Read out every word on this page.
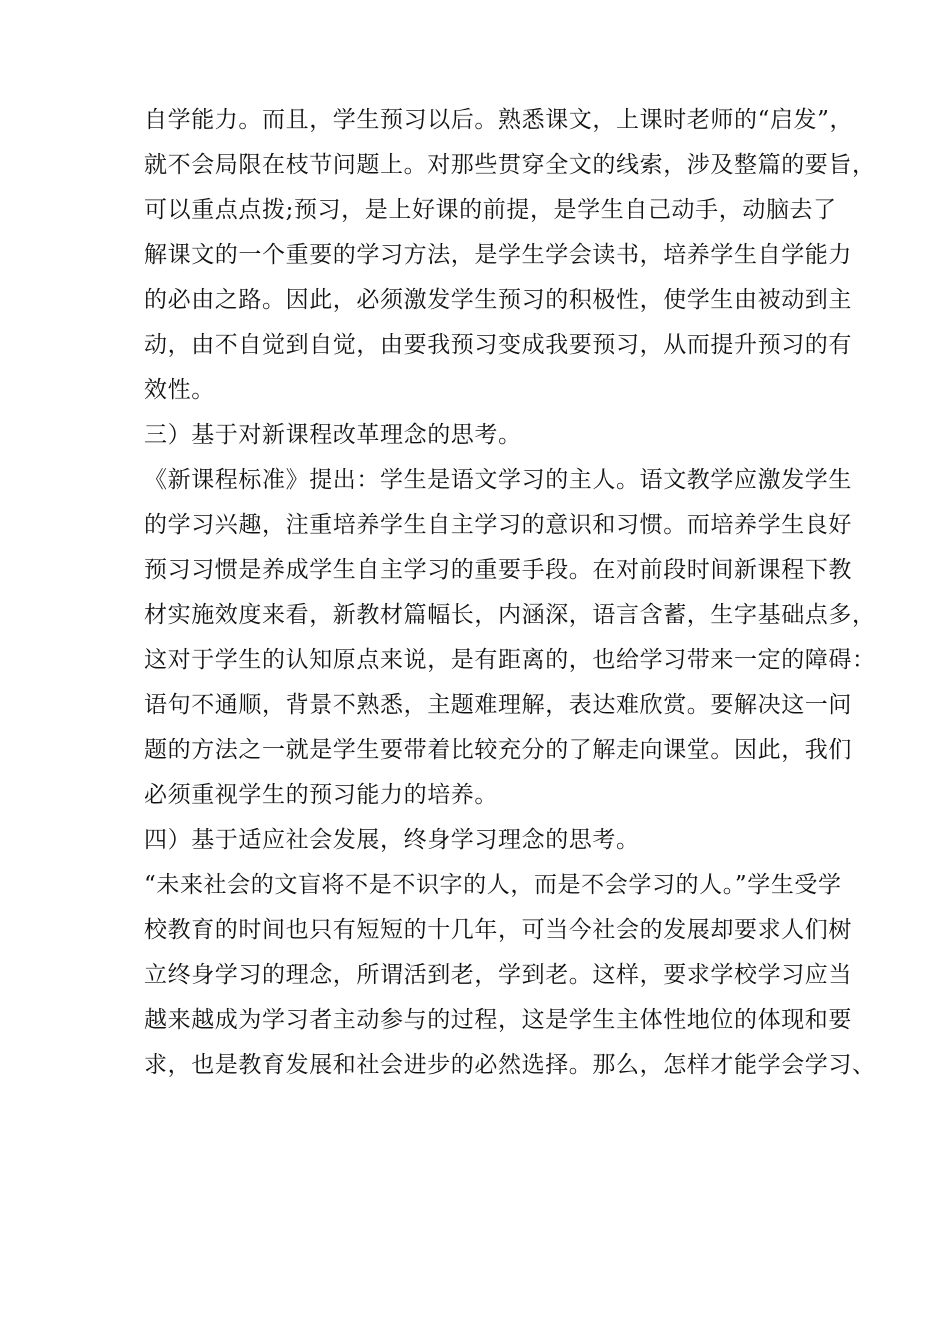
自学能力。而且，学生预习以后。熟悉课文，上课时老师的“启发”，
就不会局限在枝节问题上。对那些贯穿全文的线索，涉及整篇的要旨，
可以重点点拨;预习，是上好课的前提，是学生自己动手，动脑去了
解课文的一个重要的学习方法，是学生学会读书，培养学生自学能力
的必由之路。因此，必须激发学生预习的积极性，使学生由被动到主
动，由不自觉到自觉，由要我预习变成我要预习，从而提升预习的有
效性。
三）基于对新课程改革理念的思考。
《新课程标准》提出：学生是语文学习的主人。语文教学应激发学生
的学习兴趣，注重培养学生自主学习的意识和习惯。而培养学生良好
预习习惯是养成学生自主学习的重要手段。在对前段时间新课程下教
材实施效度来看，新教材篇幅长，内涵深，语言含蓄，生字基础点多，
这对于学生的认知原点来说，是有距离的，也给学习带来一定的障碍：
语句不通顺，背景不熟悉，主题难理解，表达难欣赏。要解决这一问
题的方法之一就是学生要带着比较充分的了解走向课堂。因此，我们
必须重视学生的预习能力的培养。
四）基于适应社会发展，终身学习理念的思考。
“未来社会的文盲将不是不识字的人，而是不会学习的人。”学生受学
校教育的时间也只有短短的十几年，可当今社会的发展却要求人们树
立终身学习的理念，所谓活到老，学到老。这样，要求学校学习应当
越来越成为学习者主动参与的过程，这是学生主体性地位的体现和要
求，也是教育发展和社会进步的必然选择。那么，怎样才能学会学习、
